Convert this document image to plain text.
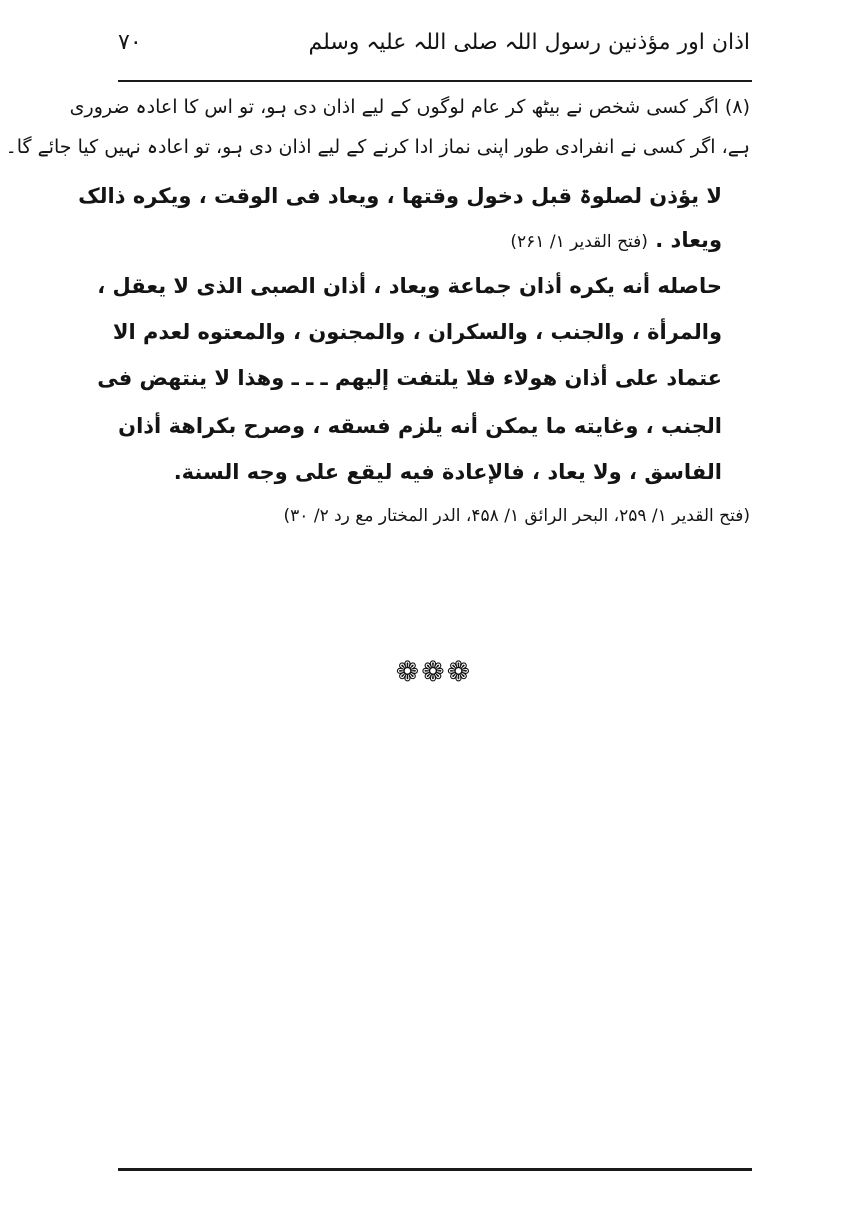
اذان اور مؤذنین رسول اللہ صلی اللہ علیہ وسلم
۷۰
(۸) اگر کسی شخص نے بیٹھ کر عام لوگوں کے لیے اذان دی ہو، تو اس کا اعادہ ضروری
ہے، اگر کسی نے انفرادی طور اپنی نماز ادا کرنے کے لیے اذان دی ہو، تو اعادہ نہیں کیا جائے گا۔
لا یؤذن لصلوۃ قبل دخول وقتها ، ویعاد فی الوقت ، ویکره ذالک
ویعاد . (فتح القدیر ۱/ ۲۶۱)
حاصله أنه یکره أذان جماعة ویعاد ، أذان الصبی الذی لا یعقل ،
والمرأة ، والجنب ، والسكران ، والمجنون ، والمعتوه لعدم الا
عتماد علی أذان هولاء فلا یلتفت إلیهم ـ ـ ـ وهذا لا ینتهض فی
الجنب ، وغایته ما یمکن أنه یلزم فسقه ، وصرح بکراهة أذان
الفاسق ، ولا یعاد ، فالإعادة فیه لیقع علی وجه السنة.
(فتح القدیر ۱/ ۲۵۹، البحر الرائق ۱/ ۴۵۸، الدر المختار مع رد ۲/ ۳۰)
❁❁❁
